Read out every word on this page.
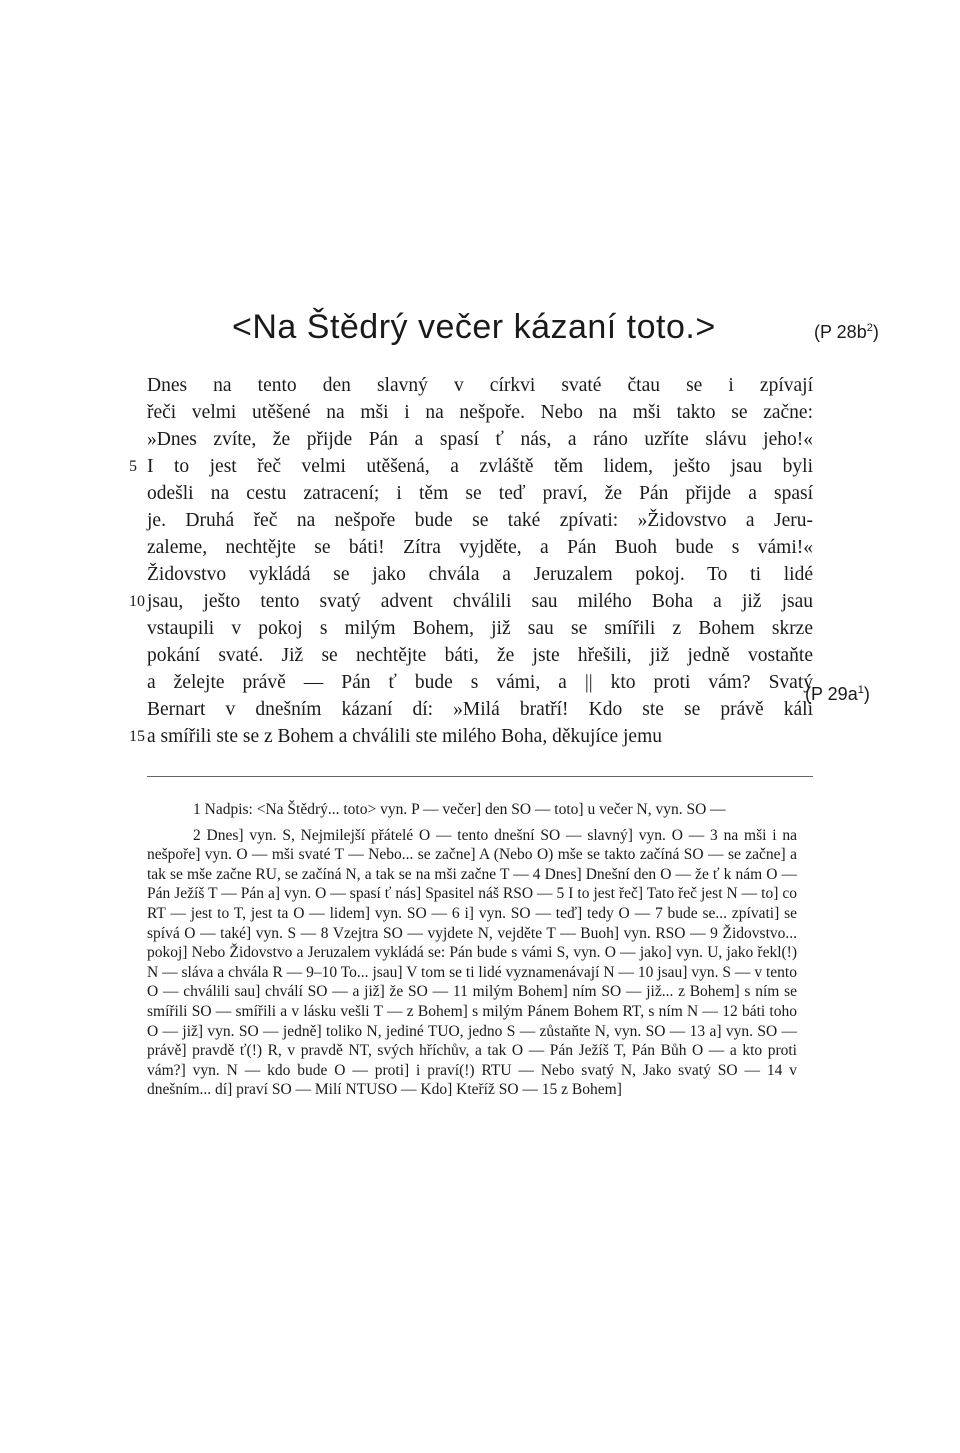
<Na Štědrý večer kázaní toto.>	(P $28b^2$)
(P $29a^1$)
Dnes na tento den slavný v církvi svaté čtau se i zpívají
řeči velmi utěšené na mši i na nešpoře. Nebo na mši takto se začne:
»Dnes zvíte, že přijde Pán a spasí ť nás, a ráno uzříte slávu jeho!«
5 I to jest řeč velmi utěšená, a zvláště těm lidem, ješto jsau byli
odešli na cestu zatracení; i těm se teď praví, že Pán přijde a spasí
je. Druhá řeč na nešpoře bude se také zpívati: »Židovstvo a Jeru-
zaleme, nechtějte se báti! Zítra vyjděte, a Pán Buoh bude s vámi!«
Židovstvo vykládá se jako chvála a Jeruzalem pokoj. To ti lidé
10 jsau, ješto tento svatý advent chválili sau milého Boha a již jsau
vstaupili v pokoj s milým Bohem, již sau se smířili z Bohem skrze
pokání svaté. Již se nechtějte báti, že jste hřešili, již jedně vostaňte
a želejte právě — Pán ť bude s vámi, a || kto proti vám? Svatý
Bernart v dnešním kázaní dí: »Milá bratří! Kdo ste se právě káli
15 a smířili ste se z Bohem a chválili ste milého Boha, děkujíce jemu
1 Nadpis: <Na Štědrý... toto> vyn. P — večer] den SO — toto] u večer N, vyn. SO —
2 Dnes] vyn. S, Nejmilejší přátelé O — tento dnešní SO — slavný] vyn. O — 3 na mši i na nešpoře] vyn. O — mši svaté T — Nebo... se začne] A (Nebo O) mše se takto začíná SO — se začne] a tak se mše začne RU, se začíná N, a tak se na mši začne T — 4 Dnes] Dnešní den O — že ť k nám O — Pán Ježíš T — Pán a] vyn. O — spasí ť nás] Spasitel náš RSO — 5 I to jest řeč] Tato řeč jest N — to] co RT — jest to T, jest ta O — lidem] vyn. SO — 6 i] vyn. SO — teď] tedy O — 7 bude se... zpívati] se spívá O — také] vyn. S — 8 Vzejtra SO — vyjdete N, vejděte T — Buoh] vyn. RSO — 9 Židovstvo... pokoj] Nebo Židovstvo a Jeruzalem vykládá se: Pán bude s vámi S, vyn. O — jako] vyn. U, jako řekl(!) N — sláva a chvála R — 9–10 To... jsau] V tom se ti lidé vyznamenávají N — 10 jsau] vyn. S — v tento O — chválili sau] chválí SO — a již] že SO — 11 milým Bohem] ním SO — již... z Bohem] s ním se smířili SO — smířili a v lásku vešli T — z Bohem] s milým Pánem Bohem RT, s ním N — 12 báti toho O — již] vyn. SO — jedně] toliko N, jediné TUO, jedno S — zůstaňte N, vyn. SO — 13 a] vyn. SO — právě] pravdě ť(!) R, v pravdě NT, svých hříchův, a tak O — Pán Ježíš T, Pán Bůh O — a kto proti vám?] vyn. N — kdo bude O — proti] i praví(!) RTU — Nebo svatý N, Jako svatý SO — 14 v dnešním... dí] praví SO — Milí NTUSO — Kdo] Kteříž SO — 15 z Bohem]
